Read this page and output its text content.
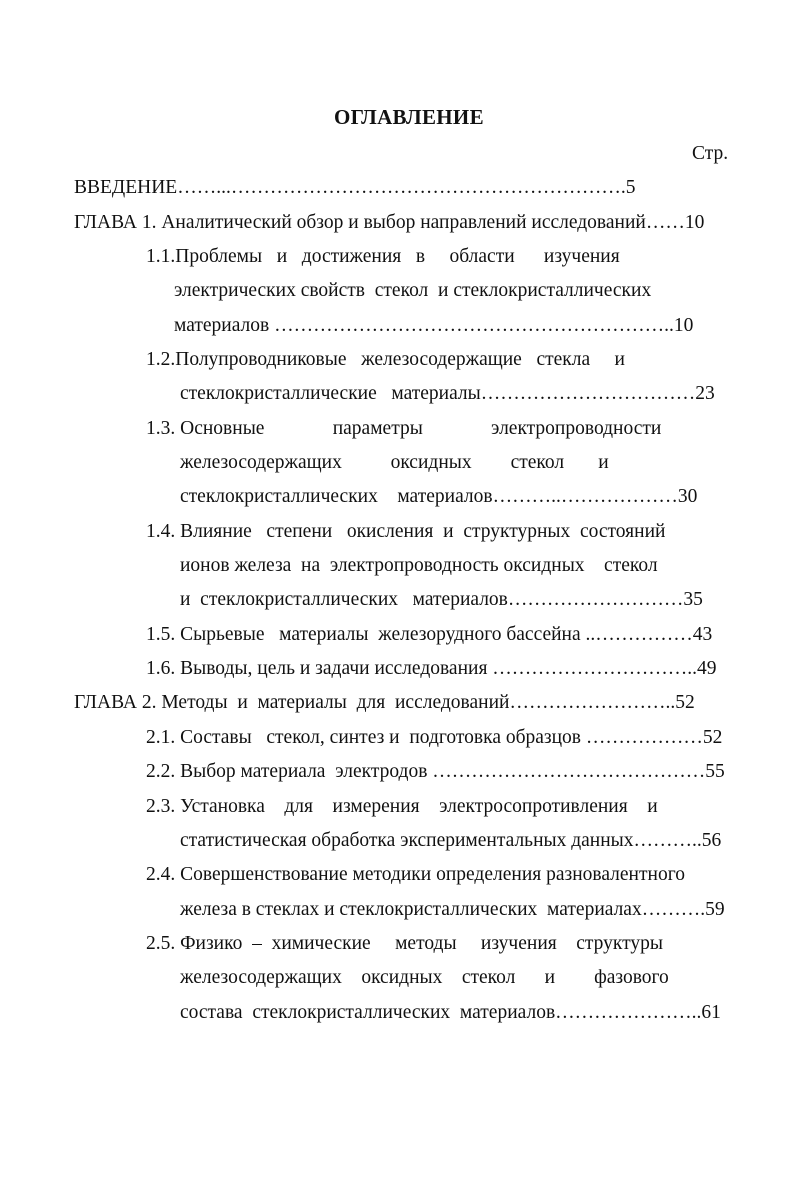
ОГЛАВЛЕНИЕ
Стр.
ВВЕДЕНИЕ……...…………………………………………………….5
ГЛАВА 1. Аналитический обзор и выбор направлений исследований……10
1.1.Проблемы   и   достижения   в     области      изучения
электрических свойств  стекол  и стеклокристаллических
материалов ……………………………………………………..10
1.2.Полупроводниковые   железосодержащие   стекла     и
стеклокристаллические   материалы……………………………23
1.3. Основные              параметры              электропроводности
железосодержащих          оксидных        стекол       и
стеклокристаллических    материалов………..………………30
1.4. Влияние   степени   окисления  и  структурных  состояний
ионов железа  на  электропроводность оксидных    стекол
и  стеклокристаллических   материалов………………………35
1.5. Сырьевые   материалы  железорудного бассейна ..……………43
1.6. Выводы, цель и задачи исследования …………………………..49
ГЛАВА 2. Методы  и  материалы  для  исследований……………………..52
2.1. Составы   стекол, синтез и  подготовка образцов ………………52
2.2. Выбор материала  электродов ……………………………………55
2.3. Установка    для    измерения    электросопротивления    и
статистическая обработка экспериментальных данных………..56
2.4. Совершенствование методики определения разновалентного
железа в стеклах и стеклокристаллических  материалах……….59
2.5. Физико  –  химические     методы     изучения    структуры
железосодержащих    оксидных    стекол      и        фазового
состава  стеклокристаллических  материалов…………………..61
